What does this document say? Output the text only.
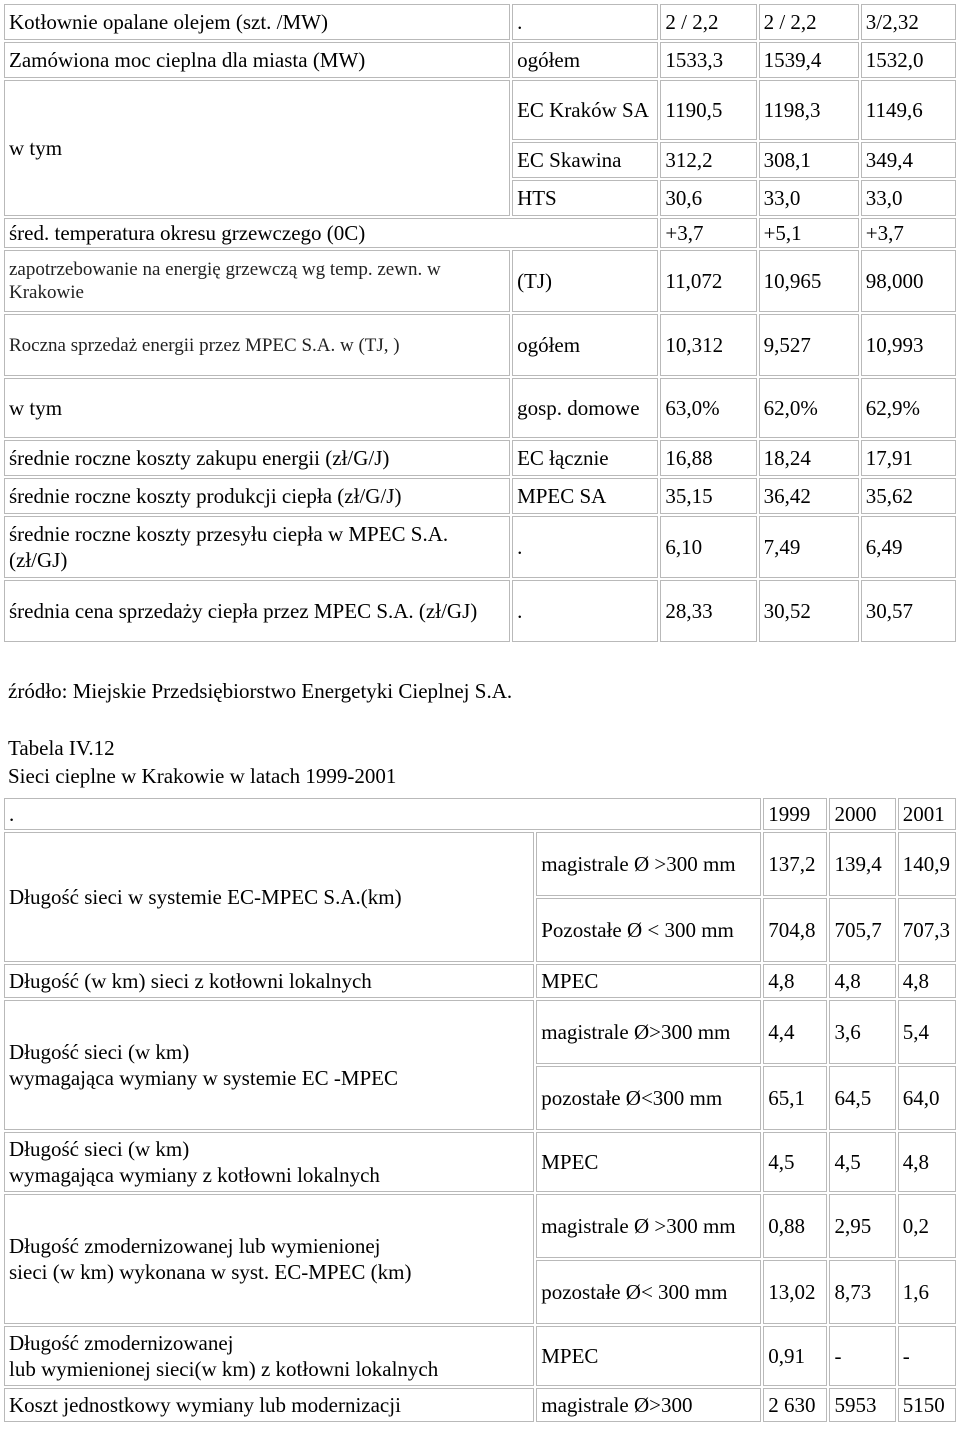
Kotłownie opalane olejem (szt. /MW)	.	2 / 2,2	2 / 2,2	3/2,32
Zamówiona moc cieplna dla miasta (MW)	ogółem	1533,3	1539,4	1532,0
w tym	EC Kraków SA	1190,5	1198,3	1149,6
	EC Skawina	312,2	308,1	349,4
	HTS	30,6	33,0	33,0
śred. temperatura okresu grzewczego (0C)		+3,7	+5,1	+3,7
zapotrzebowanie na energię grzewczą wg temp. zewn. w Krakowie	(TJ)	11,072	10,965	98,000
Roczna sprzedaż energii przez MPEC S.A. w (TJ, )	ogółem	10,312	9,527	10,993
w tym	gosp. domowe	63,0%	62,0%	62,9%
średnie roczne koszty zakupu energii (zł/G/J)	EC łącznie	16,88	18,24	17,91
średnie roczne koszty produkcji ciepła (zł/G/J)	MPEC SA	35,15	36,42	35,62
średnie roczne koszty przesyłu ciepła w MPEC S.A. (zł/GJ)	.	6,10	7,49	6,49
średnia cena sprzedaży ciepła przez MPEC S.A. (zł/GJ)	.	28,33	30,52	30,57
źródło: Miejskie Przedsiębiorstwo Energetyki Cieplnej S.A.
Tabela IV.12
Sieci cieplne w Krakowie w latach 1999-2001
.		1999	2000	2001
Długość sieci w systemie EC-MPEC S.A.(km)	magistrale Ø >300 mm	137,2	139,4	140,9
	Pozostałe Ø < 300 mm	704,8	705,7	707,3
Długość (w km) sieci z kotłowni lokalnych	MPEC	4,8	4,8	4,8

Długość sieci (w km)
wymagająca wymiany w systemie EC -MPEC	magistrale Ø>300 mm	4,4	3,6	5,4
	pozostałe Ø<300 mm	65,1	64,5	64,0

Długość sieci (w km)
wymagająca wymiany z kotłowni lokalnych	MPEC	4,5	4,5	4,8

Długość zmodernizowanej lub wymienionej
sieci (w km) wykonana w syst. EC-MPEC (km)	magistrale Ø >300 mm	0,88	2,95	0,2
	pozostałe Ø< 300 mm	13,02	8,73	1,6

Długość zmodernizowanej
lub wymienionej sieci(w km) z kotłowni lokalnych	MPEC	0,91	-	-
Koszt jednostkowy wymiany lub modernizacji	magistrale Ø>300	2 630	5953	5150
